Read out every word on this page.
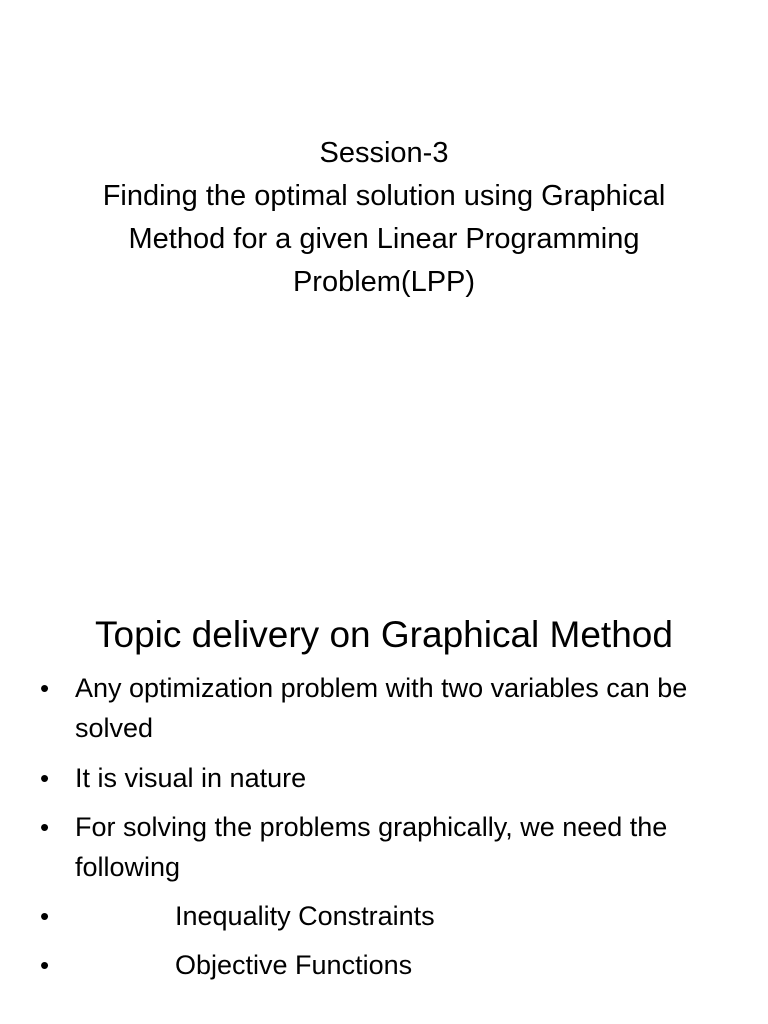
Session-3
Finding the optimal solution using Graphical
Method for a given Linear Programming
Problem(LPP)
Topic delivery on Graphical Method
• Any optimization problem with two variables can be solved
• It is visual in nature
• For solving the problems graphically, we need the following
•	Inequality Constraints
•	Objective Functions
